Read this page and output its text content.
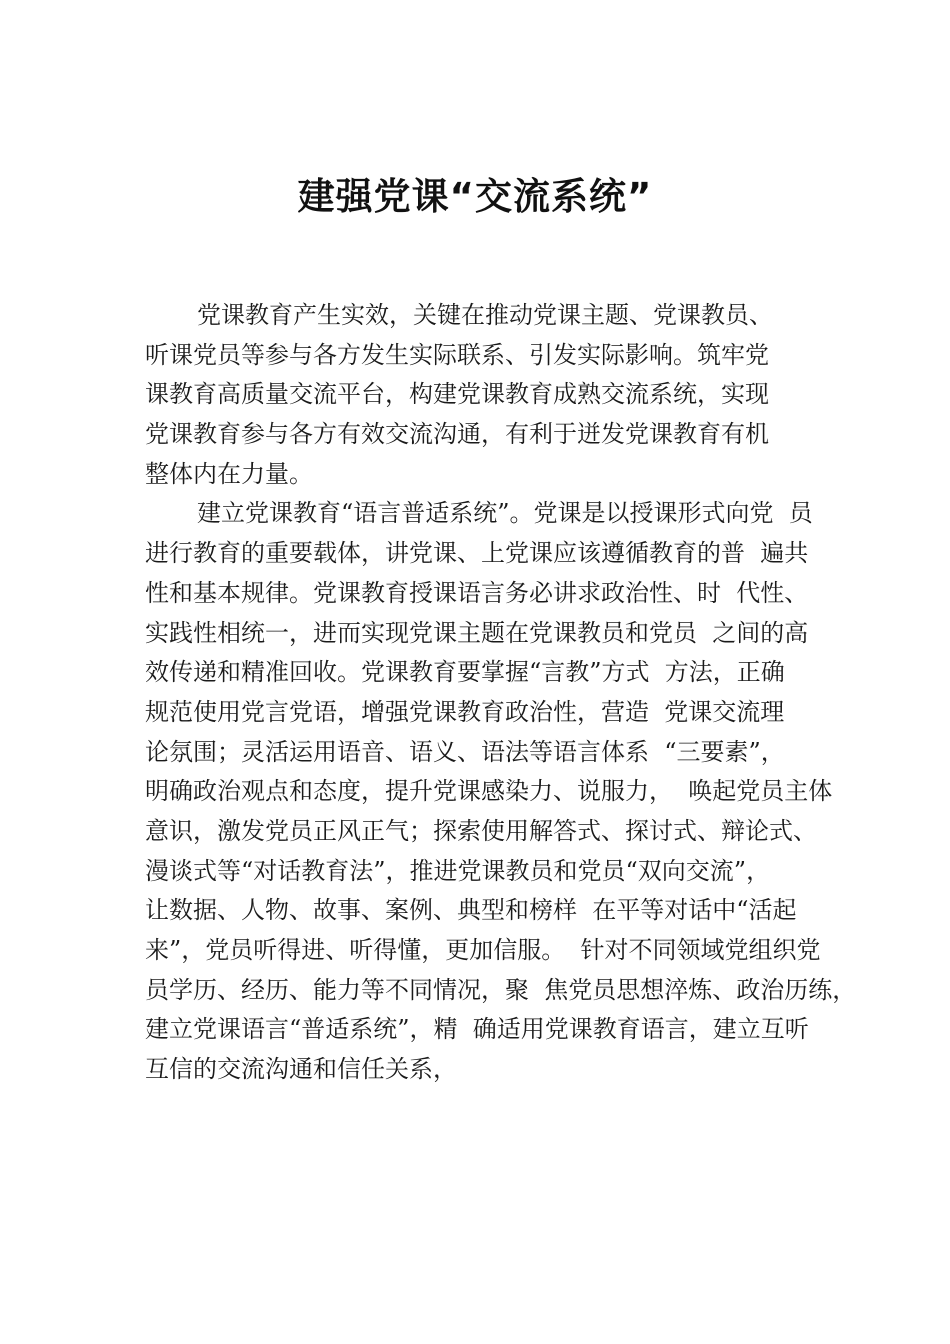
建强党课“交流系统”
党课教育产生实效，关键在推动党课主题、党课教员、
听课党员等参与各方发生实际联系、引发实际影响。筑牢党
课教育高质量交流平台，构建党课教育成熟交流系统，实现
党课教育参与各方有效交流沟通，有利于迸发党课教育有机
整体内在力量。
建立党课教育“语言普适系统”。党课是以授课形式向党  员
进行教育的重要载体，讲党课、上党课应该遵循教育的普  遍共
性和基本规律。党课教育授课语言务必讲求政治性、时  代性、
实践性相统一，进而实现党课主题在党课教员和党员  之间的高
效传递和精准回收。党课教育要掌握“言教”方式  方法，正确
规范使用党言党语，增强党课教育政治性，营造  党课交流理
论氛围；灵活运用语音、语义、语法等语言体系  “三要素”，
明确政治观点和态度，提升党课感染力、说服力，  唤起党员主体
意识，激发党员正风正气；探索使用解答式、探讨式、辩论式、
漫谈式等“对话教育法”，推进党课教员和党员“双向交流”，
让数据、人物、故事、案例、典型和榜样  在平等对话中“活起
来”，党员听得进、听得懂，更加信服。  针对不同领域党组织党
员学历、经历、能力等不同情况，聚  焦党员思想淬炼、政治历练，
建立党课语言“普适系统”，精  确适用党课教育语言，建立互听
互信的交流沟通和信任关系，
